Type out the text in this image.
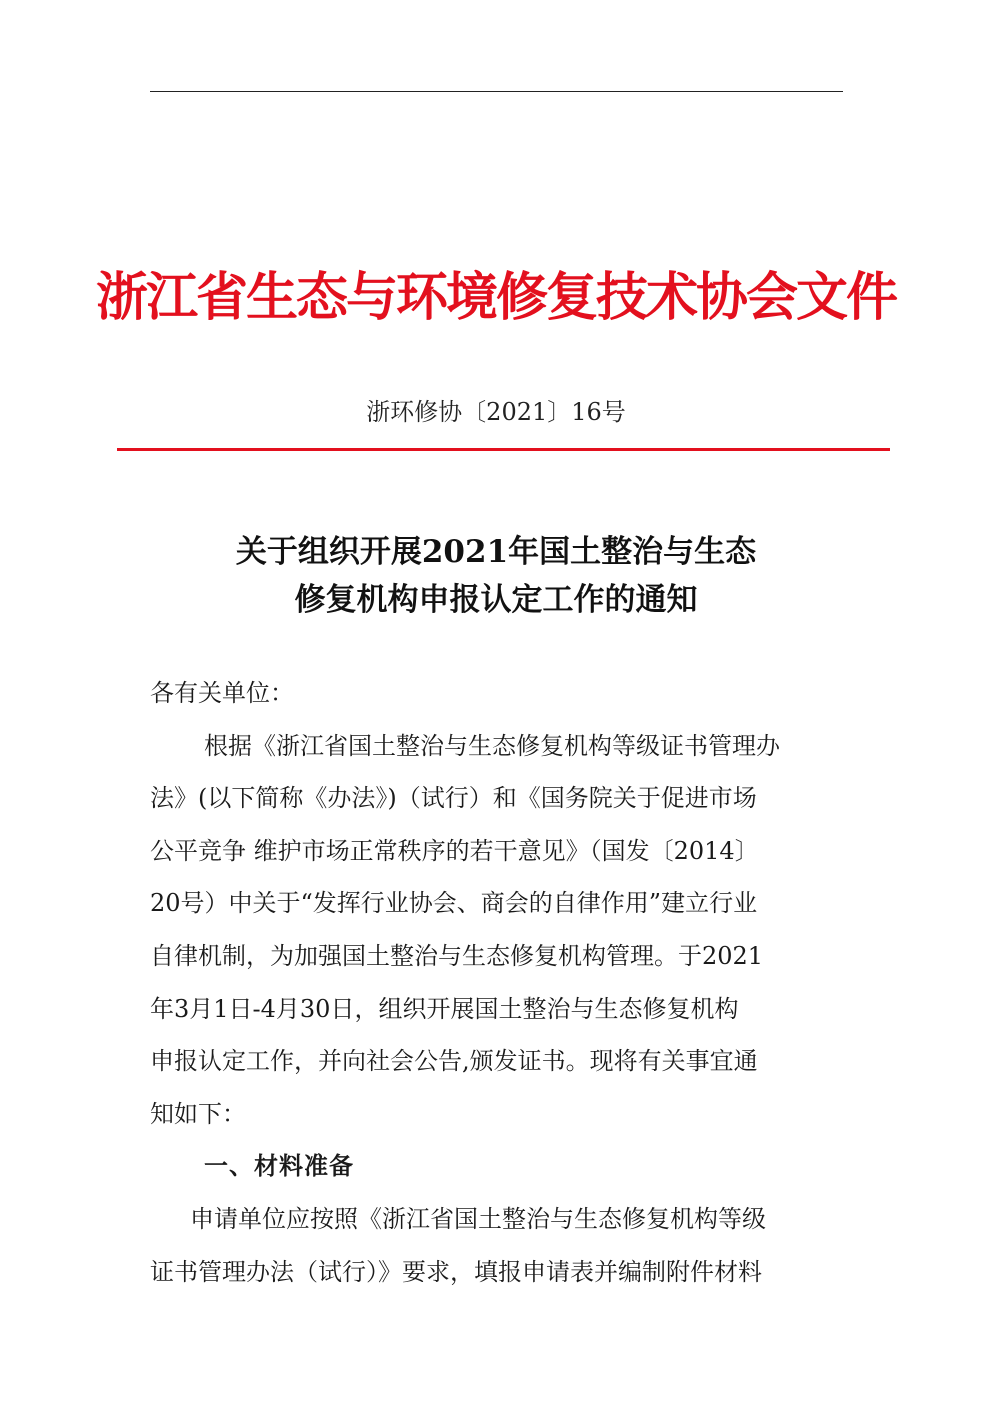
浙江省生态与环境修复技术协会文件
浙环修协〔2021〕16号
关于组织开展2021年国土整治与生态
修复机构申报认定工作的通知
各有关单位：
根据《浙江省国土整治与生态修复机构等级证书管理办
法》(以下简称《办法》)（试行）和《国务院关于促进市场
公平竞争 维护市场正常秩序的若干意见》（国发〔2014〕
20号）中关于“发挥行业协会、商会的自律作用”建立行业
自律机制，为加强国土整治与生态修复机构管理。于2021
年3月1日-4月30日，组织开展国土整治与生态修复机构
申报认定工作，并向社会公告,颁发证书。现将有关事宜通
知如下：
一、材料准备
申请单位应按照《浙江省国土整治与生态修复机构等级
证书管理办法（试行）》要求，填报申请表并编制附件材料
